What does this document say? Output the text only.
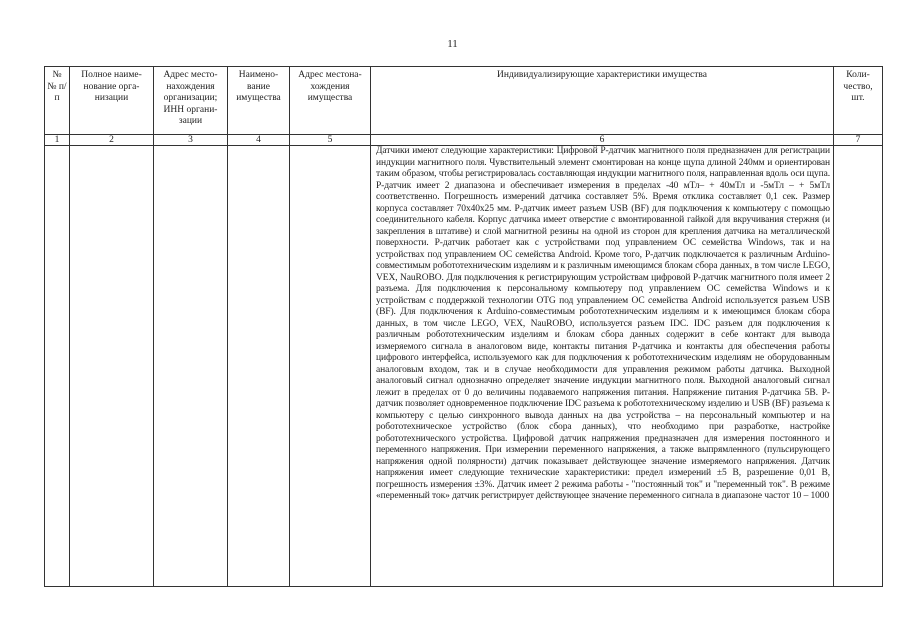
11
№ № п/п	Полное наиме-нование орга-низации	Адрес место-нахождения организации; ИНН органи-зации	Наимено-вание имущества	Адрес местона-хождения имущества	Индивидуализирующие характеристики имущества	Коли-чество, шт.
1	2	3	4	5	6	7
					Датчики имеют следующие характеристики: Цифровой Р-датчик магнитного поля предназначен для регистрации индукции магнитного поля. Чувствительный элемент смонтирован на конце щупа длиной 240мм и ориентирован таким образом, чтобы регистрировалась составляющая индукции магнитного поля, направленная вдоль оси щупа. Р-датчик имеет 2 диапазона и обеспечивает измерения в пределах -40 мТл– + 40мТл и -5мТл – + 5мТл соответственно. Погрешность измерений датчика составляет 5%. Время отклика составляет 0,1 сек. Размер корпуса составляет 70х40х25 мм. Р-датчик имеет разъем USB (BF) для подключения к компьютеру с помощью соединительного кабеля. Корпус датчика имеет отверстие с вмонтированной гайкой для вкручивания стержня (и закрепления в штативе) и слой магнитной резины на одной из сторон для крепления датчика на металлической поверхности. Р-датчик работает как с устройствами под управлением ОС семейства Windows, так и на устройствах под управлением ОС семейства Android. Кроме того, Р-датчик подключается к различным Arduino-совместимым робототехническим изделиям и к различным имеющимся блокам сбора данных, в том числе LEGO, VEX, NauROBO. Для подключения к регистрирующим устройствам цифровой Р-датчик магнитного поля имеет 2 разъема. Для подключения к персональному компьютеру под управлением ОС семейства Windows и к устройствам с поддержкой технологии OTG под управлением ОС семейства Android используется разъем USB (BF). Для подключения к Arduino-совместимым робототехническим изделиям и к имеющимся блокам сбора данных, в том числе LEGO, VEX, NauROBO, используется разъем IDC. IDC разъем для подключения к различным робототехническим изделиям и блокам сбора данных содержит в себе контакт для вывода измеряемого сигнала в аналоговом виде, контакты питания Р-датчика и контакты для обеспечения работы цифрового интерфейса, используемого как для подключения к робототехническим изделиям не оборудованным аналоговым входом, так и в случае необходимости для управления режимом работы датчика. Выходной аналоговый сигнал однозначно определяет значение индукции магнитного поля. Выходной аналоговый сигнал лежит в пределах от 0 до величины подаваемого напряжения питания. Напряжение питания Р-датчика 5В. Р-датчик позволяет одновременное подключение IDC разъема к робототехническому изделию и USB (BF) разъема к компьютеру с целью синхронного вывода данных на два устройства – на персональный компьютер и на робототехническое устройство (блок сбора данных), что необходимо при разработке, настройке робототехнического устройства. Цифровой датчик напряжения предназначен для измерения постоянного и переменного напряжения. При измерении переменного напряжения, а также выпрямленного (пульсирующего напряжения одной полярности) датчик показывает действующее значение измеряемого напряжения. Датчик напряжения имеет следующие технические характеристики: предел измерений ±5 В, разрешение 0,01 В, погрешность измерения ±3%. Датчик имеет 2 режима работы - "постоянный ток" и "переменный ток". В режиме «переменный ток» датчик регистрирует действующее значение переменного сигнала в диапазоне частот 10 – 1000	
